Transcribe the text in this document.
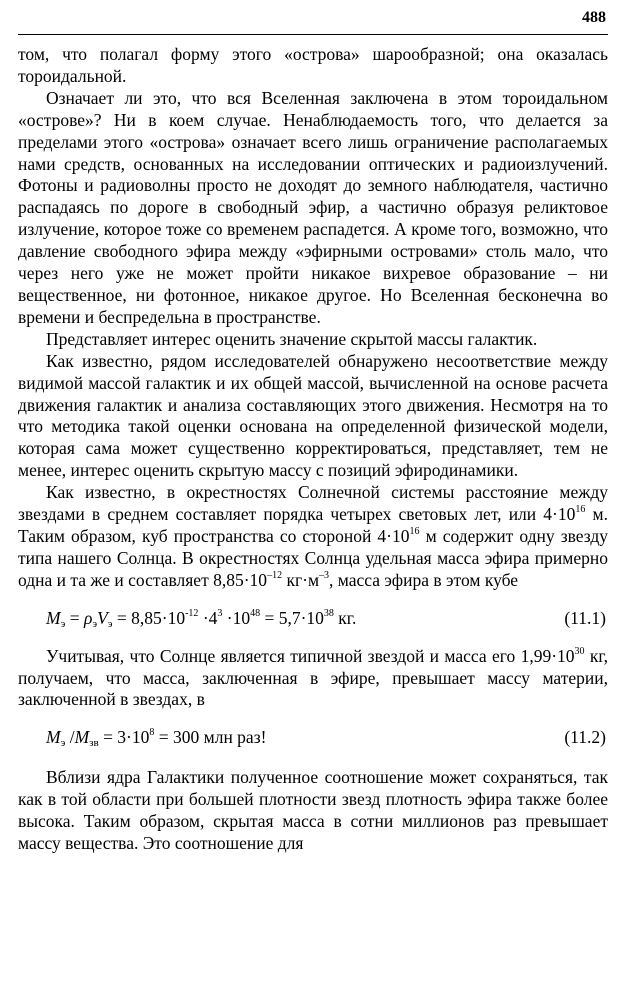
488

том, что полагал форму этого «острова» шарообразной; она оказалась тороидальной.

Означает ли это, что вся Вселенная заключена в этом тороидальном «острове»? Ни в коем случае. Ненаблюдаемость того, что делается за пределами этого «острова» означает всего лишь ограничение располагаемых нами средств, основанных на исследовании оптических и радиоизлучений. Фотоны и радиоволны просто не доходят до земного наблюдателя, частично распадаясь по дороге в свободный эфир, а частично образуя реликтовое излучение, которое тоже со временем распадется. А кроме того, возможно, что давление свободного эфира между «эфирными островами» столь мало, что через него уже не может пройти никакое вихревое образование – ни вещественное, ни фотонное, никакое другое. Но Вселенная бесконечна во времени и беспредельна в пространстве.

Представляет интерес оценить значение скрытой массы галактик.

Как известно, рядом исследователей обнаружено несоответствие между видимой массой галактик и их общей массой, вычисленной на основе расчета движения галактик и анализа составляющих этого движения. Несмотря на то что методика такой оценки основана на определенной физической модели, которая сама может существенно корректироваться, представляет, тем не менее, интерес оценить скрытую массу с позиций эфиродинамики.

Как известно, в окрестностях Солнечной системы расстояние между звездами в среднем составляет порядка четырех световых лет, или $4\cdot 10^{16}$ м. Таким образом, куб пространства со стороной $4\cdot 10^{16}$ м содержит одну звезду типа нашего Солнца. В окрестностях Солнца удельная масса эфира примерно одна и та же и составляет $8,85\cdot 10^{-12}$ $кг\cdot м^{-3}$, масса эфира в этом кубе

$M_э = \rho_эV_э = 8,85\cdot 10^{-12} \cdot 4^3 \cdot 10^{48} = 5,7\cdot 10^{38}$ кг.	(11.1)

Учитывая, что Солнце является типичной звездой и масса его $1,99\cdot 10^{30}$ кг, получаем, что масса, заключенная в эфире, превышает массу материи, заключенной в звездах, в

$M_э$ $/M_{зв} = 3\cdot 10^8 = 300$ млн раз!	(11.2)

Вблизи ядра Галактики полученное соотношение может сохраняться, так как в той области при большей плотности звезд плотность эфира также более высока. Таким образом, скрытая масса в сотни миллионов раз превышает массу вещества. Это соотношение для
